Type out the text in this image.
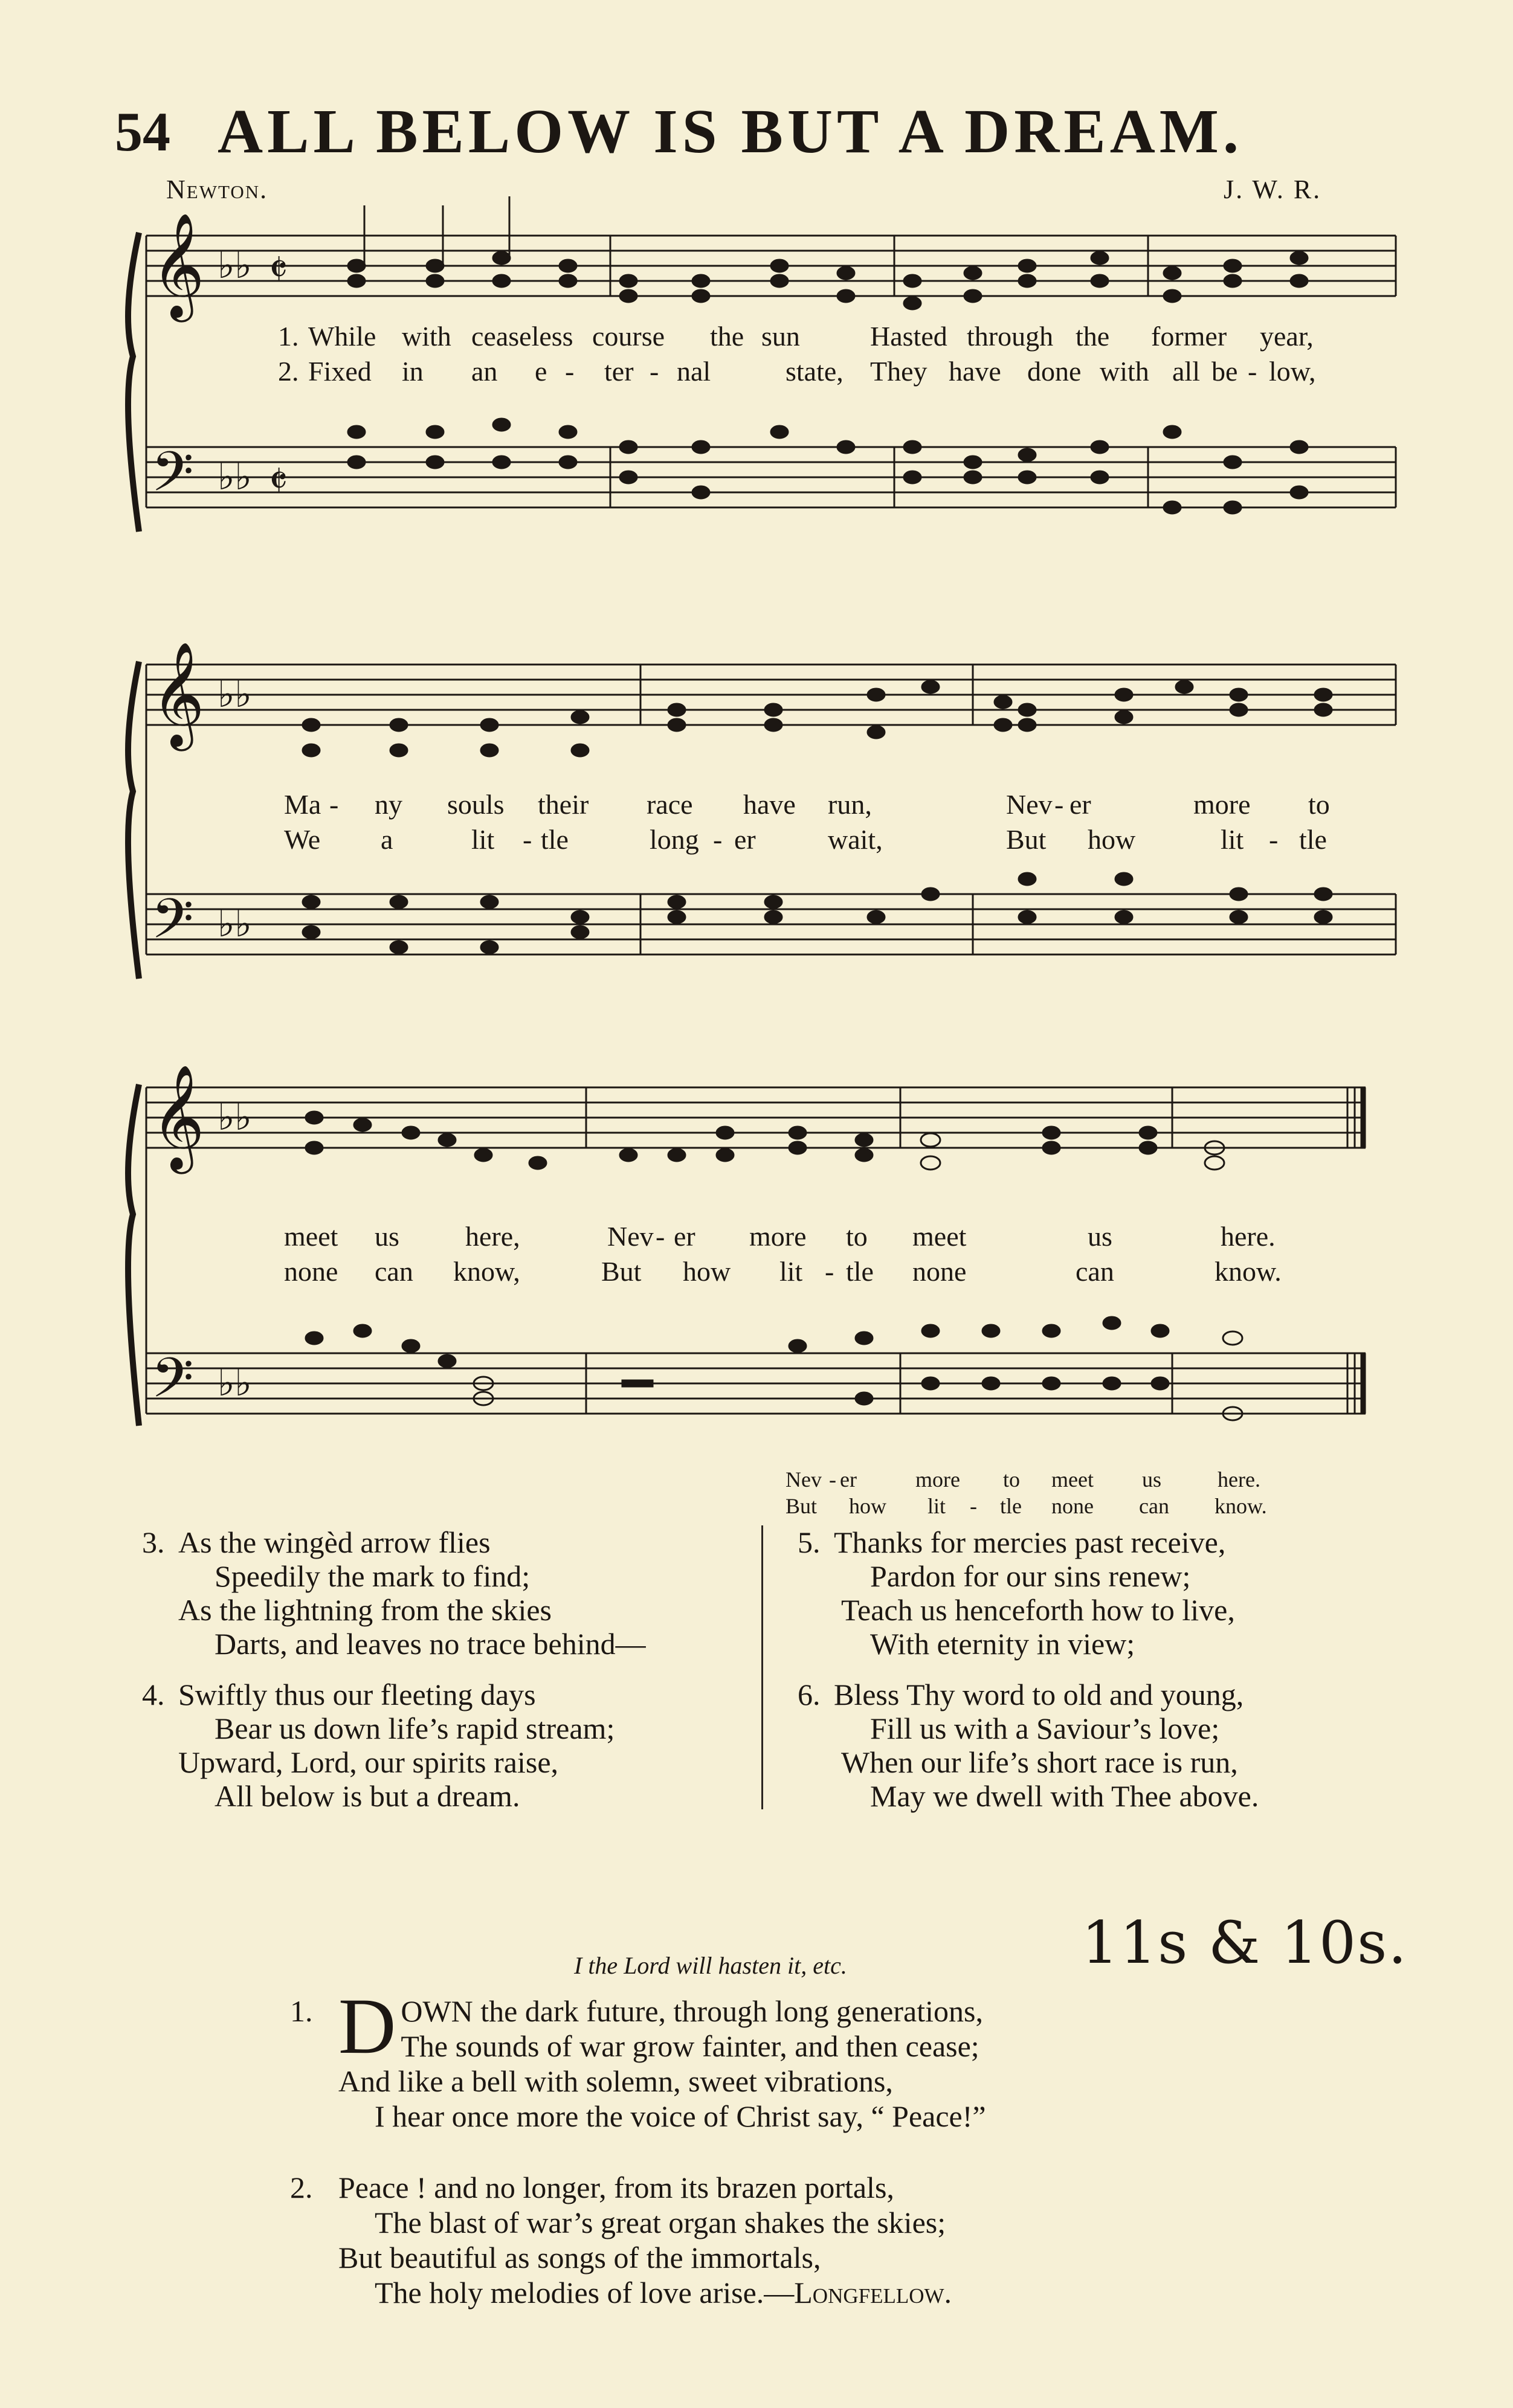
54 ALL BELOW IS BUT A DREAM.
Newton.	J. W. R.
𝄞
𝄢
♭♭
♭♭
𝄵
𝄵
1. While with ceaseless course the sun	Hasted through the former year,
2. Fixed in an e - ter - nal	state, They have done with all be - low,
𝄞
𝄢
♭♭
♭♭
Ma - ny souls their race have run,	Nev - er	more to
We a	lit - tle	long - er	wait,	But how	lit - tle
𝄞
𝄢
♭♭
♭♭
meet us here,	Nev - er more to meet	us	here.
none can know,	But how lit - tle none	can	know.
Nev - er	more to meet us	here.
But how lit - tle none can know.
3. As the wingèd arrow flies
Speedily the mark to find;
As the lightning from the skies
Darts, and leaves no trace behind—
4. Swiftly thus our fleeting days
Bear us down life’s rapid stream;
Upward, Lord, our spirits raise,
All below is but a dream.
5. Thanks for mercies past receive,
Pardon for our sins renew;
Teach us henceforth how to live,
With eternity in view;
6. Bless Thy word to old and young,
Fill us with a Saviour’s love;
When our life’s short race is run,
May we dwell with Thee above.
11s & 10s.
I the Lord will hasten it, etc.
1. D OWN the dark future, through long generations,
The sounds of war grow fainter, and then cease;
And like a bell with solemn, sweet vibrations,
I hear once more the voice of Christ say, “ Peace!”
2. Peace ! and no longer, from its brazen portals,
The blast of war’s great organ shakes the skies;
But beautiful as songs of the immortals,
The holy melodies of love arise.—Longfellow.
